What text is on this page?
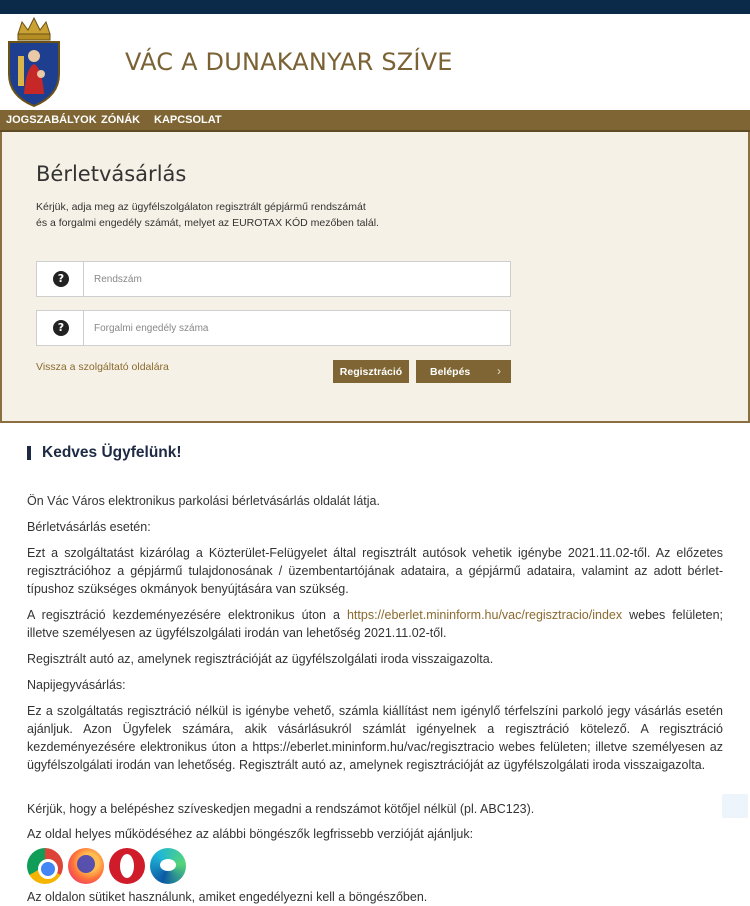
VÁC A DUNAKANYAR SZÍVE
JOGSZABÁLYOK ZÓNÁK KAPCSOLAT
Bérletvásárlás
Kérjük, adja meg az ügyfélszolgálaton regisztrált gépjármű rendszámát
és a forgalmi engedély számát, melyet az EUROTAX KÓD mezőben talál.
?
Rendszám
?
Forgalmi engedély száma
Vissza a szolgáltató oldalára	Regisztráció	Belépés ›
Kedves Ügyfelünk!

Ön Vác Város elektronikus parkolási bérletvásárlás oldalát látja.

Bérletvásárlás esetén:

Ezt a szolgáltatást kizárólag a Közterület-Felügyelet által regisztrált autósok vehetik igénybe 2021.11.02-től. Az előzetes regisztrációhoz a gépjármű tulajdonosának / üzembentartójának adataira, a gépjármű adataira, valamint az adott bérlet-típushoz szükséges okmányok benyújtására van szükség.

A regisztráció kezdeményezésére elektronikus úton a https://eberlet.mininform.hu/vac/regisztracio/index webes felületen; illetve személyesen az ügyfélszolgálati irodán van lehetőség 2021.11.02-től.

Regisztrált autó az, amelynek regisztrációját az ügyfélszolgálati iroda visszaigazolta.

Napijegyvásárlás:

Ez a szolgáltatás regisztráció nélkül is igénybe vehető, számla kiállítást nem igénylő térfelszíni parkoló jegy vásárlás esetén ajánljuk. Azon Ügyfelek számára, akik vásárlásukról számlát igényelnek a regisztráció kötelező. A regisztráció kezdeményezésére elektronikus úton a https://eberlet.mininform.hu/vac/regisztracio webes felületen; illetve személyesen az ügyfélszolgálati irodán van lehetőség. Regisztrált autó az, amelynek regisztrációját az ügyfélszolgálati iroda visszaigazolta.

Kérjük, hogy a belépéshez szíveskedjen megadni a rendszámot kötőjel nélkül (pl. ABC123).

Az oldal helyes működéséhez az alábbi böngészők legfrissebb verzióját ajánljuk:

Az oldalon sütiket használunk, amiket engedélyezni kell a böngészőben.
